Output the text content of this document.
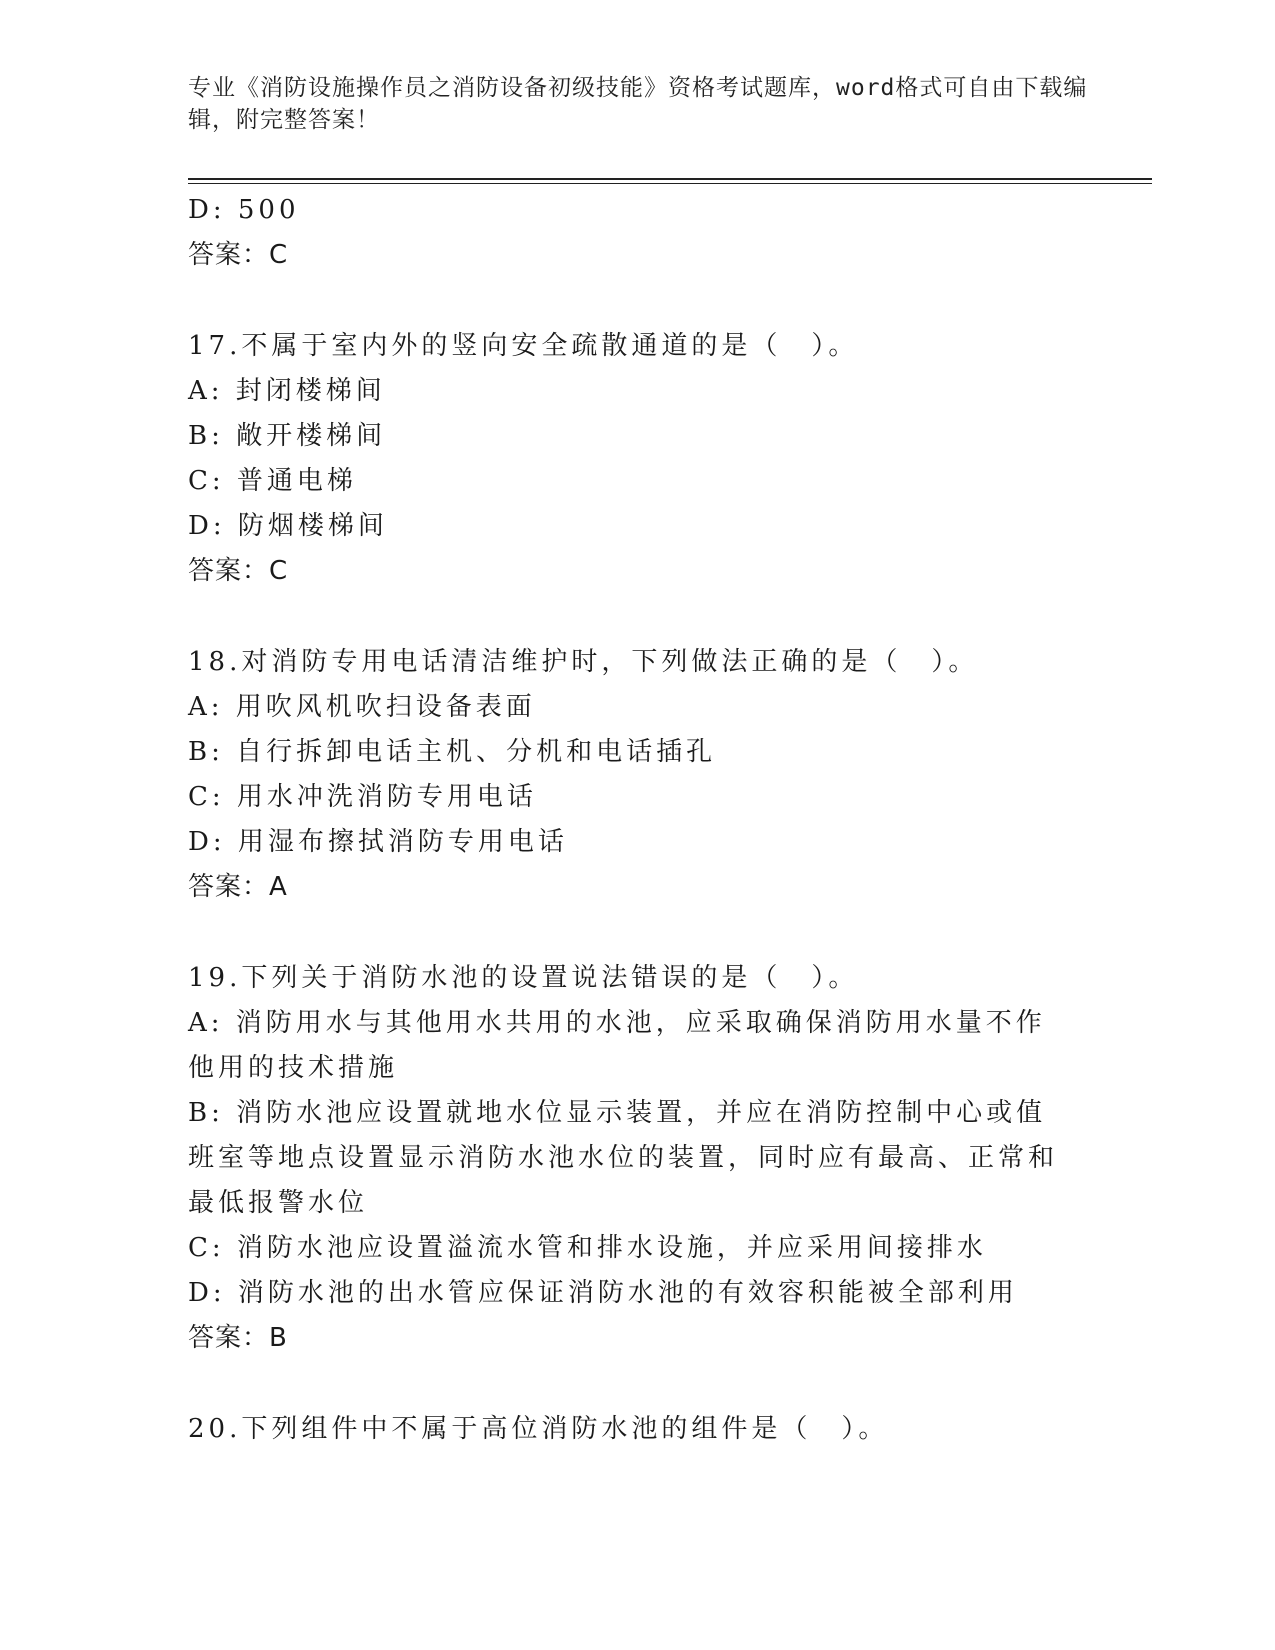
专业《消防设施操作员之消防设备初级技能》资格考试题库，word格式可自由下载编辑，附完整答案！
D: 500
答案：C
17.不属于室内外的竖向安全疏散通道的是（　）。
A: 封闭楼梯间
B: 敞开楼梯间
C: 普通电梯
D: 防烟楼梯间
答案：C
18.对消防专用电话清洁维护时，下列做法正确的是（　）。
A: 用吹风机吹扫设备表面
B: 自行拆卸电话主机、分机和电话插孔
C: 用水冲洗消防专用电话
D: 用湿布擦拭消防专用电话
答案：A
19.下列关于消防水池的设置说法错误的是（　）。
A: 消防用水与其他用水共用的水池，应采取确保消防用水量不作他用的技术措施
B: 消防水池应设置就地水位显示装置，并应在消防控制中心或值班室等地点设置显示消防水池水位的装置，同时应有最高、正常和最低报警水位
C: 消防水池应设置溢流水管和排水设施，并应采用间接排水
D: 消防水池的出水管应保证消防水池的有效容积能被全部利用
答案：B
20.下列组件中不属于高位消防水池的组件是（　）。
